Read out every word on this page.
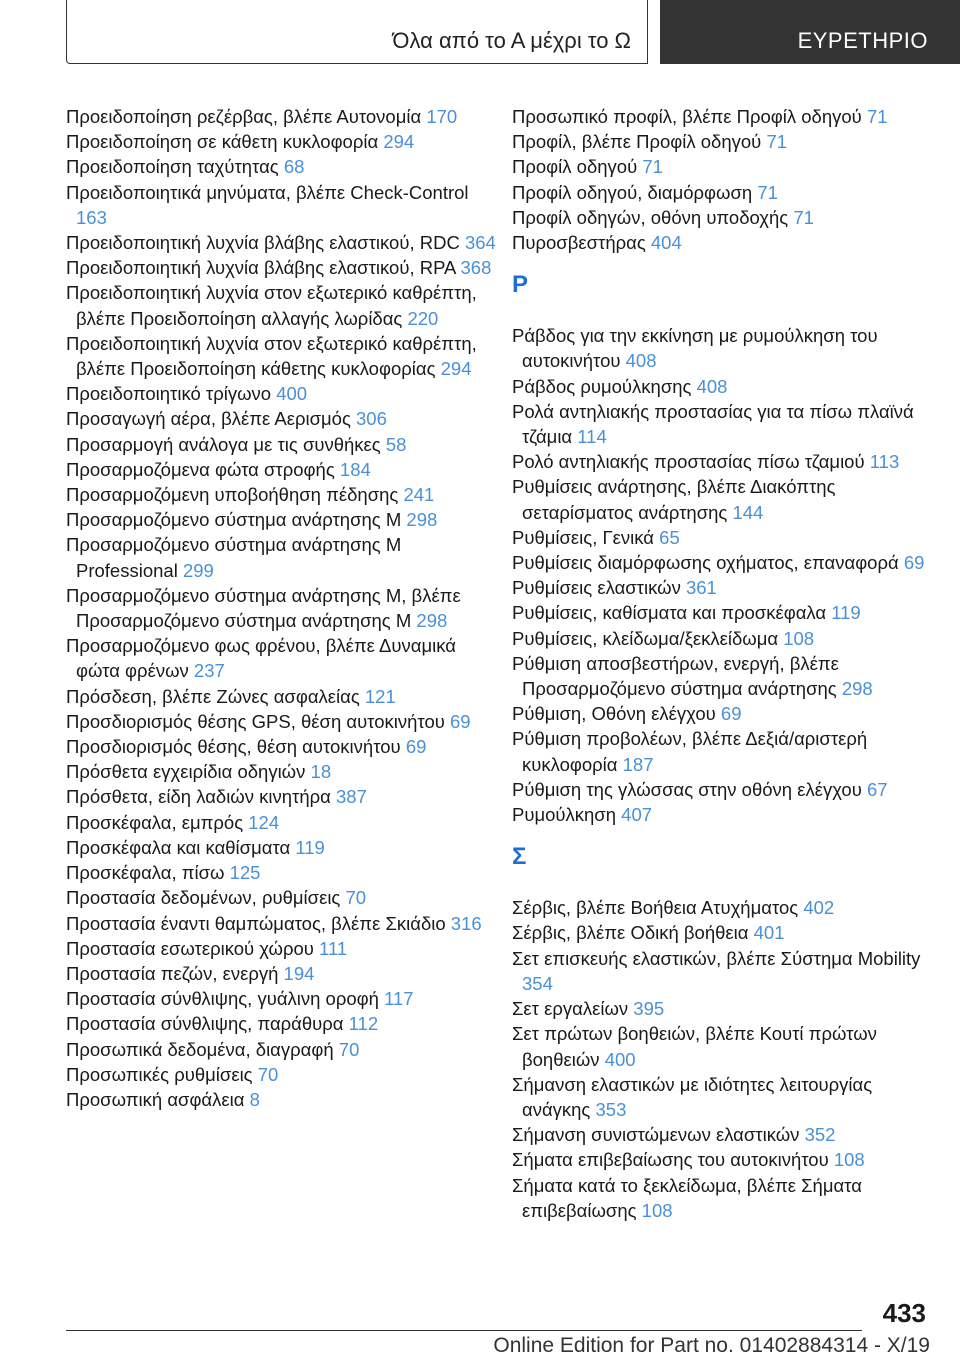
Όλα από το Α μέχρι το Ω	ΕΥΡΕΤΗΡΙΟ
Προειδοποίηση ρεζέρβας, βλέπε Αυτονομία 170
Προειδοποίηση σε κάθετη κυκλοφορία 294
Προειδοποίηση ταχύτητας 68
Προειδοποιητικά μηνύματα, βλέπε Check-Control 163
Προειδοποιητική λυχνία βλάβης ελαστικού, RDC 364
Προειδοποιητική λυχνία βλάβης ελαστικού, RPA 368
Προειδοποιητική λυχνία στον εξωτερικό καθρέπτη, βλέπε Προειδοποίηση αλλαγής λωρίδας 220
Προειδοποιητική λυχνία στον εξωτερικό καθρέπτη, βλέπε Προειδοποίηση κάθετης κυκλοφορίας 294
Προειδοποιητικό τρίγωνο 400
Προσαγωγή αέρα, βλέπε Αερισμός 306
Προσαρμογή ανάλογα με τις συνθήκες 58
Προσαρμοζόμενα φώτα στροφής 184
Προσαρμοζόμενη υποβοήθηση πέδησης 241
Προσαρμοζόμενο σύστημα ανάρτησης M 298
Προσαρμοζόμενο σύστημα ανάρτησης M Professional 299
Προσαρμοζόμενο σύστημα ανάρτησης M, βλέπε Προσαρμοζόμενο σύστημα ανάρτησης M 298
Προσαρμοζόμενο φως φρένου, βλέπε Δυναμικά φώτα φρένων 237
Πρόσδεση, βλέπε Ζώνες ασφαλείας 121
Προσδιορισμός θέσης GPS, θέση αυτοκινήτου 69
Προσδιορισμός θέσης, θέση αυτοκινήτου 69
Πρόσθετα εγχειρίδια οδηγιών 18
Πρόσθετα, είδη λαδιών κινητήρα 387
Προσκέφαλα, εμπρός 124
Προσκέφαλα και καθίσματα 119
Προσκέφαλα, πίσω 125
Προστασία δεδομένων, ρυθμίσεις 70
Προστασία έναντι θαμπώματος, βλέπε Σκιάδιο 316
Προστασία εσωτερικού χώρου 111
Προστασία πεζών, ενεργή 194
Προστασία σύνθλιψης, γυάλινη οροφή 117
Προστασία σύνθλιψης, παράθυρα 112
Προσωπικά δεδομένα, διαγραφή 70
Προσωπικές ρυθμίσεις 70
Προσωπική ασφάλεια 8
Προσωπικό προφίλ, βλέπε Προφίλ οδηγού 71
Προφίλ, βλέπε Προφίλ οδηγού 71
Προφίλ οδηγού 71
Προφίλ οδηγού, διαμόρφωση 71
Προφίλ οδηγών, οθόνη υποδοχής 71
Πυροσβεστήρας 404
Ρ
Ράβδος για την εκκίνηση με ρυμούλκηση του αυτοκινήτου 408
Ράβδος ρυμούλκησης 408
Ρολά αντηλιακής προστασίας για τα πίσω πλαϊνά τζάμια 114
Ρολό αντηλιακής προστασίας πίσω τζαμιού 113
Ρυθμίσεις ανάρτησης, βλέπε Διακόπτης σεταρίσματος ανάρτησης 144
Ρυθμίσεις, Γενικά 65
Ρυθμίσεις διαμόρφωσης οχήματος, επαναφορά 69
Ρυθμίσεις ελαστικών 361
Ρυθμίσεις, καθίσματα και προσκέφαλα 119
Ρυθμίσεις, κλείδωμα/ξεκλείδωμα 108
Ρύθμιση αποσβεστήρων, ενεργή, βλέπε Προσαρμοζόμενο σύστημα ανάρτησης 298
Ρύθμιση, Οθόνη ελέγχου 69
Ρύθμιση προβολέων, βλέπε Δεξιά/αριστερή κυκλοφορία 187
Ρύθμιση της γλώσσας στην οθόνη ελέγχου 67
Ρυμούλκηση 407
Σ
Σέρβις, βλέπε Βοήθεια Ατυχήματος 402
Σέρβις, βλέπε Οδική βοήθεια 401
Σετ επισκευής ελαστικών, βλέπε Σύστημα Mobility 354
Σετ εργαλείων 395
Σετ πρώτων βοηθειών, βλέπε Κουτί πρώτων βοηθειών 400
Σήμανση ελαστικών με ιδιότητες λειτουργίας ανάγκης 353
Σήμανση συνιστώμενων ελαστικών 352
Σήματα επιβεβαίωσης του αυτοκινήτου 108
Σήματα κατά το ξεκλείδωμα, βλέπε Σήματα επιβεβαίωσης 108
433
Online Edition for Part no. 01402884314 - X/19
